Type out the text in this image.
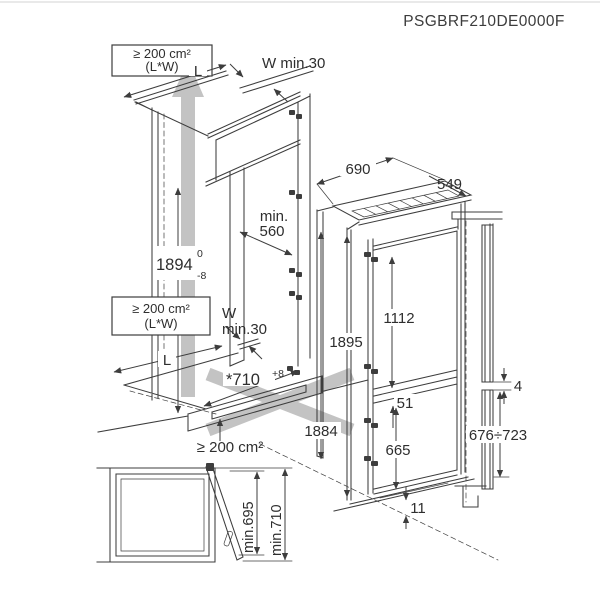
PSGBRF210DE0000F
≥ 200 cm²
(L*W) L	W min.30
1894
0
-8
min.
560
≥ 200 cm²
(L*W)
W
min.30
L
*710 +8
≥ 200 cm²
690
549
1895
1884
1112
51
665
11
4
676÷723
min.695 min.710
